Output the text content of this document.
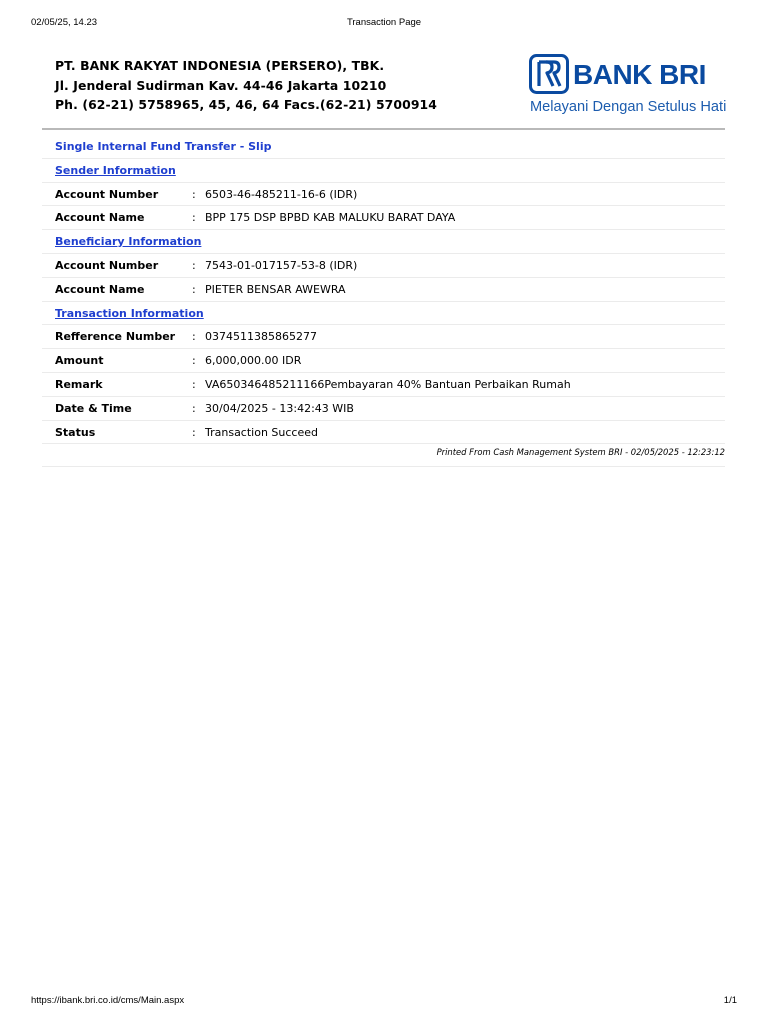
02/05/25, 14.23	Transaction Page
PT. BANK RAKYAT INDONESIA (PERSERO), TBK.
Jl. Jenderal Sudirman Kav. 44-46 Jakarta 10210
Ph. (62-21) 5758965, 45, 46, 64 Facs.(62-21) 5700914
BANK BRI
Melayani Dengan Setulus Hati
Single Internal Fund Transfer - Slip
Sender Information
Account Number	: 6503-46-485211-16-6 (IDR)
Account Name	: BPP 175 DSP BPBD KAB MALUKU BARAT DAYA
Beneficiary Information
Account Number	: 7543-01-017157-53-8 (IDR)
Account Name	: PIETER BENSAR AWEWRA
Transaction Information
Refference Number : 0374511385865277
Amount	: 6,000,000.00 IDR
Remark	: VA650346485211166Pembayaran 40% Bantuan Perbaikan Rumah
Date & Time	: 30/04/2025 - 13:42:43 WIB
Status	: Transaction Succeed
Printed From Cash Management System BRI - 02/05/2025 - 12:23:12
https://ibank.bri.co.id/cms/Main.aspx	1/1
